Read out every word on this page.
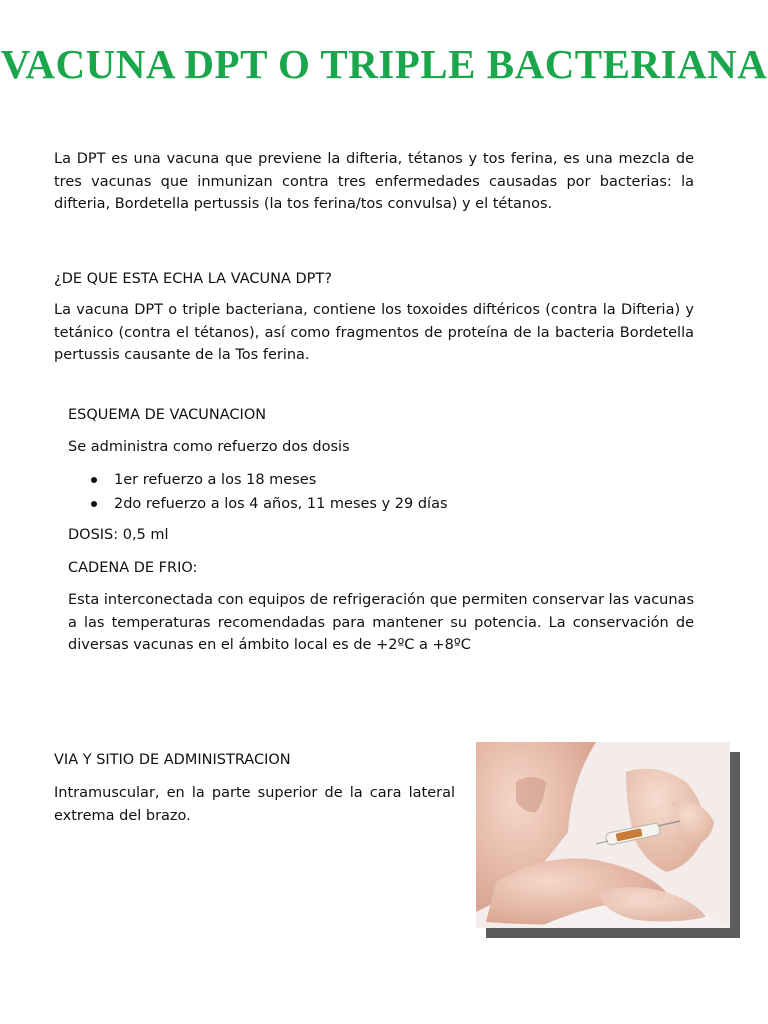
VACUNA DPT O TRIPLE BACTERIANA

La DPT es una vacuna que previene la difteria, tétanos y tos ferina, es una mezcla de tres vacunas que inmunizan contra tres enfermedades causadas por bacterias: la difteria, Bordetella pertussis (la tos ferina/tos convulsa) y el tétanos.

¿DE QUE ESTA ECHA LA VACUNA DPT?

La vacuna DPT o triple bacteriana, contiene los toxoides diftéricos (contra la Difteria) y tetánico (contra el tétanos), así como fragmentos de proteína de la bacteria Bordetella pertussis causante de la Tos ferina.

ESQUEMA DE VACUNACION

Se administra como refuerzo dos dosis

1er refuerzo a los 18 meses
2do refuerzo a los 4 años, 11 meses y 29 días

DOSIS: 0,5 ml

CADENA DE FRIO:

Esta interconectada con equipos de refrigeración que permiten conservar las vacunas a las temperaturas recomendadas para mantener su potencia. La conservación de diversas vacunas en el ámbito local es de +2ºC a +8ºC

VIA Y SITIO DE ADMINISTRACION

Intramuscular, en la parte superior de la cara lateral extrema del brazo.
